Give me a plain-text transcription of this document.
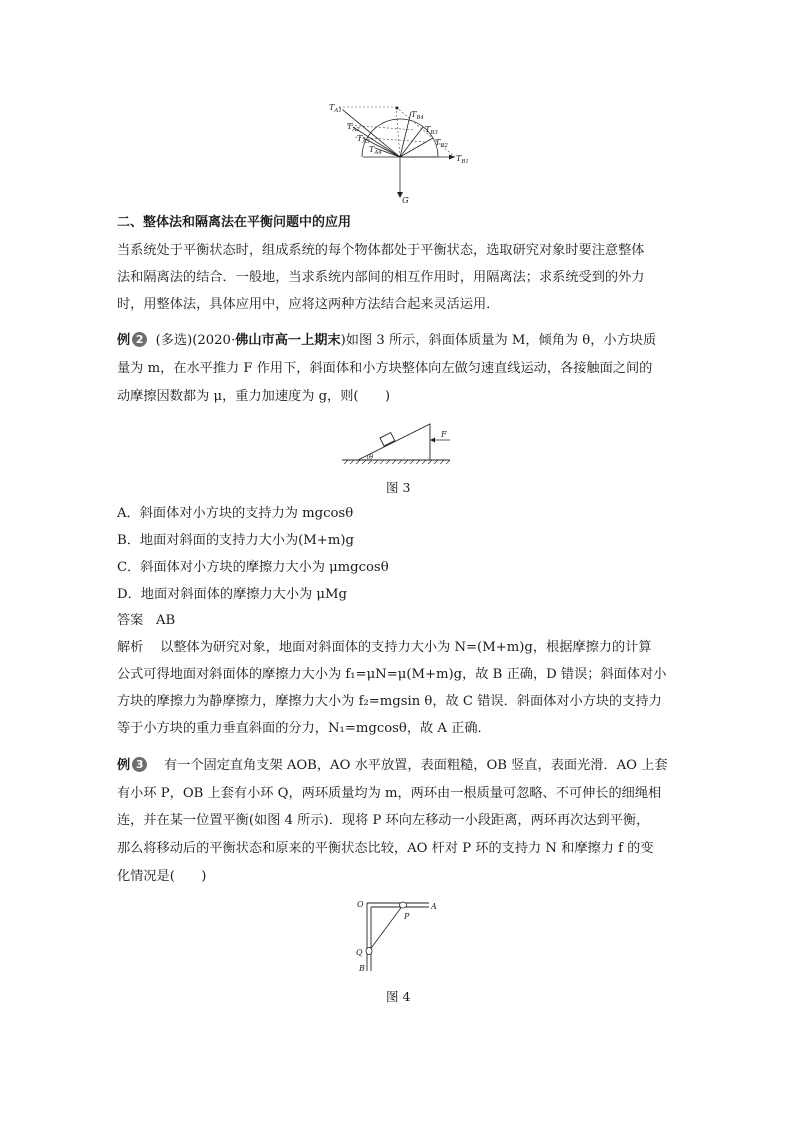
$T_{A1}$
$T_{A2}$
$T_{A3}$
$T_{A4}$
$T_{B1}$
$T_{B2}$
$T_{B3}$
$T_{B4}$
G
二、整体法和隔离法在平衡问题中的应用
当系统处于平衡状态时，组成系统的每个物体都处于平衡状态，选取研究对象时要注意整体
法和隔离法的结合．一般地，当求系统内部间的相互作用时，用隔离法；求系统受到的外力
时，用整体法，具体应用中，应将这两种方法结合起来灵活运用．
例 2 (多选)(2020·佛山市高一上期末)如图 3 所示，斜面体质量为 M，倾角为 θ，小方块质
量为 m，在水平推力 F 作用下，斜面体和小方块整体向左做匀速直线运动，各接触面之间的
动摩擦因数都为 μ，重力加速度为 g，则(　　)
θ
F
图 3
A．斜面体对小方块的支持力为 mgcosθ
B．地面对斜面的支持力大小为(M+m)g
C．斜面体对小方块的摩擦力大小为 μmgcosθ
D．地面对斜面体的摩擦力大小为 μMg
答案 AB
解析 以整体为研究对象，地面对斜面体的支持力大小为 N=(M+m)g，根据摩擦力的计算
公式可得地面对斜面体的摩擦力大小为 f₁=μN=μ(M+m)g，故 B 正确，D 错误；斜面体对小
方块的摩擦力为静摩擦力，摩擦力大小为 f₂=mgsin θ，故 C 错误．斜面体对小方块的支持力
等于小方块的重力垂直斜面的分力，N₁=mgcosθ，故 A 正确．
例 3 有一个固定直角支架 AOB，AO 水平放置，表面粗糙，OB 竖直，表面光滑．AO 上套
有小环 P，OB 上套有小环 Q，两环质量均为 m，两环由一根质量可忽略、不可伸长的细绳相
连，并在某一位置平衡(如图 4 所示)．现将 P 环向左移动一小段距离，两环再次达到平衡，
那么将移动后的平衡状态和原来的平衡状态比较，AO 杆对 P 环的支持力 N 和摩擦力 f 的变
化情况是(　　)
O	A
P
Q
B
图 4
